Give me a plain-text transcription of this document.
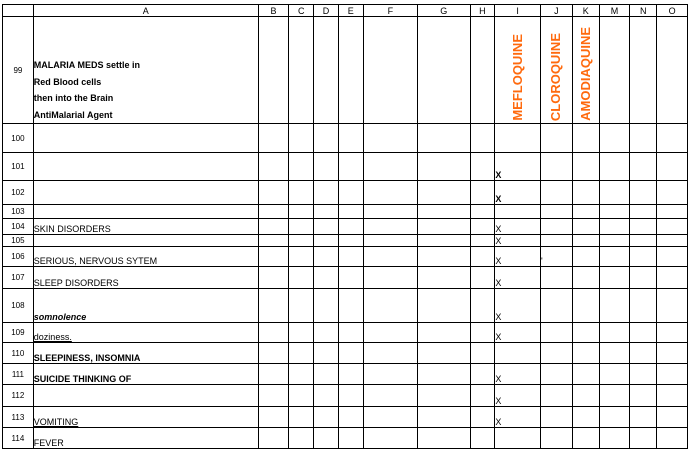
	A	B	C	D	E	F	G	H	I	J	K	M	N	O
99	MALARIA MEDS settle in
Red Blood cells
then into the Brain
AntiMalarial Agent								MEFLOQUINE	CLOROQUINE	AMODIAQUINE			
100														
101									X					
102									X					
103														
104	SKIN DISORDERS								X					
105									X					
106	SERIOUS, NERVOUS SYTEM								X	'				
107	SLEEP DISORDERS								X					
108	somnolence								X					
109	doziness.								X					
110	SLEEPINESS, INSOMNIA													
111	SUICIDE THINKING OF								X					
112									X					
113	VOMITING								X					
114	FEVER													
